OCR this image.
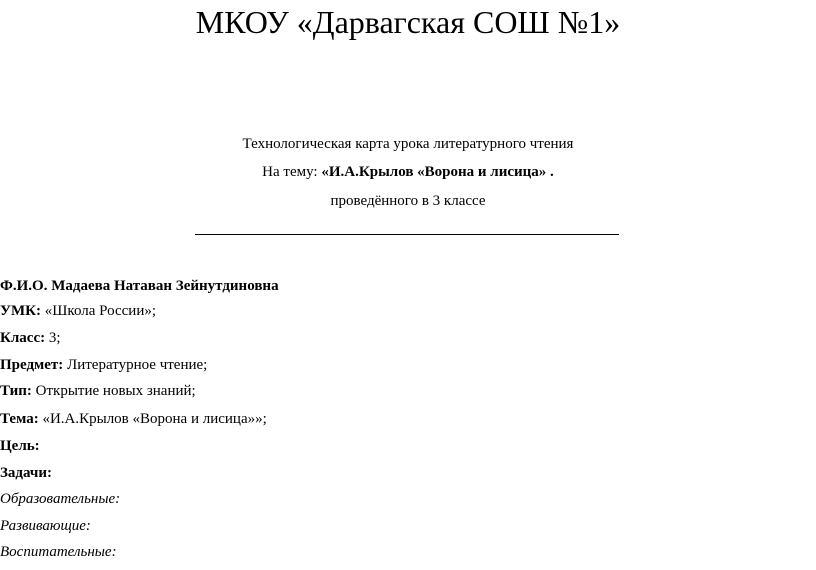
МКОУ «Дарвагская СОШ №1»
Технологическая карта урока литературного чтения
На тему: «И.А.Крылов «Ворона и лисица» .
проведённого в 3 классе
Ф.И.О. Мадаева Натаван Зейнутдиновна
УМК: «Школа России»;
Класс: 3;
Предмет: Литературное чтение;
Тип: Открытие новых знаний;
Тема: «И.А.Крылов «Ворона и лисица»»;
Цель:
Задачи:
Образовательные:
Развивающие:
Воспитательные:
